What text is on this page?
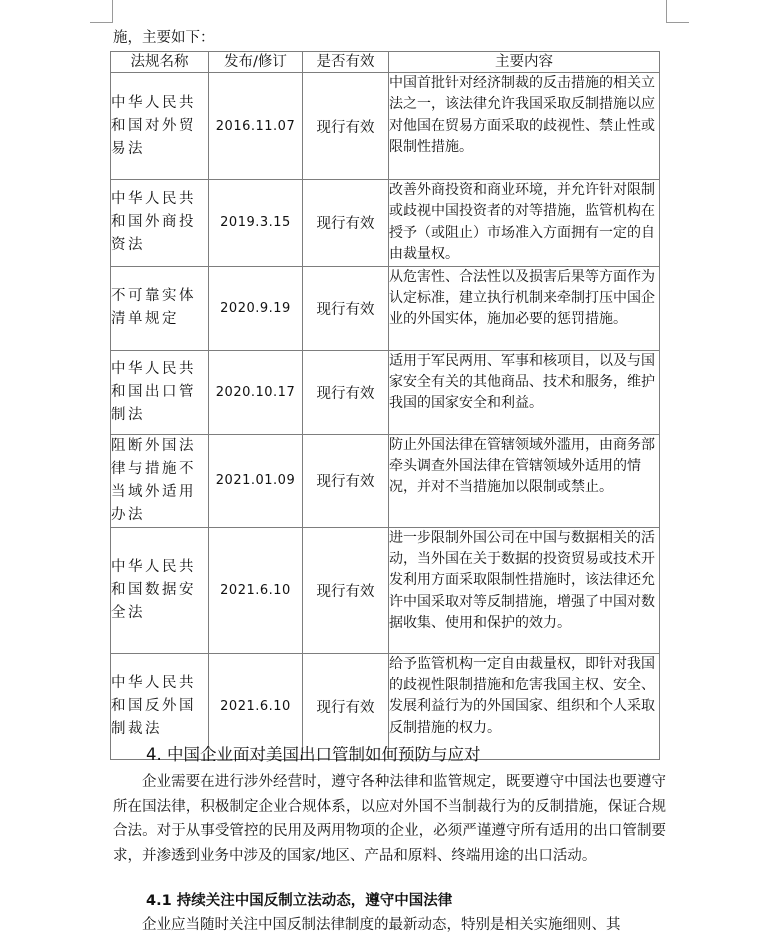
施，主要如下：
法规名称	发布/修订	是否有效	主要内容
中华人民共和国对外贸易法	2016.11.07	现行有效	中国首批针对经济制裁的反击措施的相关立法之一，该法律允许我国采取反制措施以应对他国在贸易方面采取的歧视性、禁止性或限制性措施。
中华人民共和国外商投资法	2019.3.15	现行有效	改善外商投资和商业环境，并允许针对限制或歧视中国投资者的对等措施，监管机构在授予（或阻止）市场准入方面拥有一定的自由裁量权。
不可靠实体清单规定	2020.9.19	现行有效	从危害性、合法性以及损害后果等方面作为认定标准，建立执行机制来牵制打压中国企业的外国实体，施加必要的惩罚措施。
中华人民共和国出口管制法	2020.10.17	现行有效	适用于军民两用、军事和核项目，以及与国家安全有关的其他商品、技术和服务，维护我国的国家安全和利益。
阻断外国法律与措施不当域外适用办法	2021.01.09	现行有效	防止外国法律在管辖领域外滥用，由商务部牵头调查外国法律在管辖领域外适用的情况，并对不当措施加以限制或禁止。
中华人民共和国数据安全法	2021.6.10	现行有效	进一步限制外国公司在中国与数据相关的活动，当外国在关于数据的投资贸易或技术开发利用方面采取限制性措施时，该法律还允许中国采取对等反制措施，增强了中国对数据收集、使用和保护的效力。
中华人民共和国反外国制裁法	2021.6.10	现行有效	给予监管机构一定自由裁量权，即针对我国的歧视性限制措施和危害我国主权、安全、发展利益行为的外国国家、组织和个人采取反制措施的权力。
4. 中国企业面对美国出口管制如何预防与应对
企业需要在进行涉外经营时，遵守各种法律和监管规定，既要遵守中国法也要遵守所在国法律，积极制定企业合规体系，以应对外国不当制裁行为的反制措施，保证合规合法。对于从事受管控的民用及两用物项的企业，必须严谨遵守所有适用的出口管制要求，并渗透到业务中涉及的国家/地区、产品和原料、终端用途的出口活动。
4.1 持续关注中国反制立法动态，遵守中国法律
企业应当随时关注中国反制法律制度的最新动态，特别是相关实施细则、其
